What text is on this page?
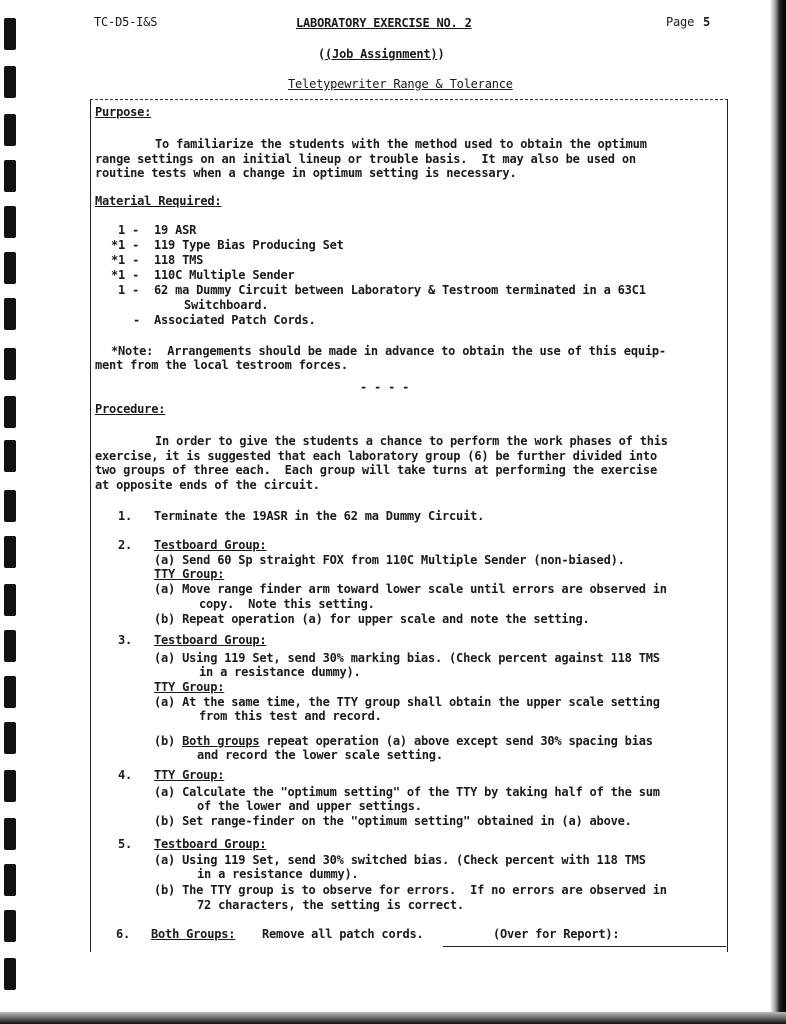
TC-D5-I&S	LABORATORY EXERCISE NO. 2	Page 5
((Job Assignment))
Teletypewriter Range & Tolerance
Purpose:
To familiarize the students with the method used to obtain the optimum
range settings on an initial lineup or trouble basis.  It may also be used on
routine tests when a change in optimum setting is necessary.
Material Required:
1 - 19 ASR
*1 - 119 Type Bias Producing Set
*1 - 118 TMS
*1 - 110C Multiple Sender
1 - 62 ma Dummy Circuit between Laboratory & Testroom terminated in a 63C1
Switchboard.
- Associated Patch Cords.
*Note:  Arrangements should be made in advance to obtain the use of this equip-
ment from the local testroom forces.
- - - -
Procedure:
In order to give the students a chance to perform the work phases of this
exercise, it is suggested that each laboratory group (6) be further divided into
two groups of three each.  Each group will take turns at performing the exercise
at opposite ends of the circuit.
1. Terminate the 19ASR in the 62 ma Dummy Circuit.
2. Testboard Group:
(a) Send 60 Sp straight FOX from 110C Multiple Sender (non-biased).
TTY Group:
(a) Move range finder arm toward lower scale until errors are observed in
copy.  Note this setting.
(b) Repeat operation (a) for upper scale and note the setting.
3. Testboard Group:
(a) Using 119 Set, send 30% marking bias. (Check percent against 118 TMS
in a resistance dummy).
TTY Group:
(a) At the same time, the TTY group shall obtain the upper scale setting
from this test and record.
(b) Both groups repeat operation (a) above except send 30% spacing bias
and record the lower scale setting.
4. TTY Group:
(a) Calculate the "optimum setting" of the TTY by taking half of the sum
of the lower and upper settings.
(b) Set range-finder on the "optimum setting" obtained in (a) above.
5. Testboard Group:
(a) Using 119 Set, send 30% switched bias. (Check percent with 118 TMS
in a resistance dummy).
(b) The TTY group is to observe for errors.  If no errors are observed in
72 characters, the setting is correct.
6. Both Groups: Remove all patch cords.	(Over for Report):
